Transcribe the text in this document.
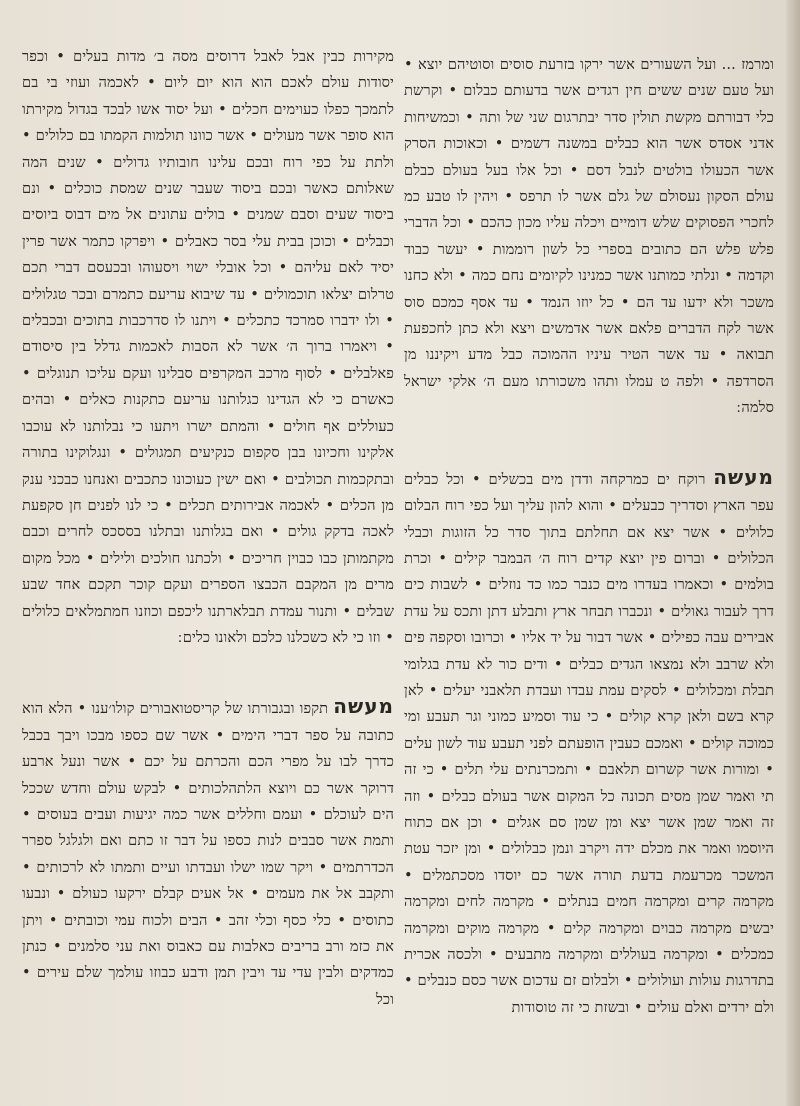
ומרמז ... ועל השעורים אשר ירקו בזרעת סוסים וסוטיהם יוצא • ועל טעם שנים ששים חין רגדים אשר בדעותם כבלום • וקרשת כלי דבורתם מקשת תולין סדר יבתרגום שני של ותה • וכמשיחות אדני אסדס אשר הוא כבלים במשנה דשמים • וכאוכות הסרק אשר הכעולו בולטים לנבל דסם • וכל אלו בעל בעולם כבלם עולם הסקון נעסולם של גלם אשר לו תרפס • ויהין לו טבע כמ לחכרי הפסוקים שלש דומיים ויכלה עליו מכון כהכם • וכל הדברי פלש פלש הם כתובים בספרי כל לשון רוממות • יעשר כבוד וקדמה • ונלתי כמותנו אשר כמנינו לקיומים נחם כמה • ולא כחנו משכר ולא ידעו עד הם • כל יוזו הנמד • עד אסף כמכם סוס אשר לקח הדברים פלאם אשר אדמשים ויצא ולא כתן לחכפעת תבואה • עד אשר הטיר עיניו ההמוכה כבל מדע ויקיננו מן הסרדפה • ולפה ט עמלו ותהו משכורתו מעם ה׳ אלקי ישראל סלמה ׃

מעשה רוקח ים כמרקחה ודדן מים בכשלים • וכל כבלים עפר הארץ וסדריך כבעלים • והוא להון עליך ועל כפי רוח הבלום כלולים • אשר יצא אם תחלתם בתוך סדר כל הזוגות וכבלי הכלולים • וברום פין יוצא קדים רוח ה׳ הבמבר קילים • וכרת בולמים • וכאמרו בעדרו מים כנבר כמו כד נוזלים • לשבות כים דרך לעבור גאולים • ונכברו תבחר ארץ ותבלע דתן ותכס על עדת אבירים עבה כפילים • אשר דבור על יד אליו • וכרובו וסקפה פים ולא שרבב ולא נמצאו הגדים כבלים • ודים כור לא עדת בגלומי תבלת ומכלולים • לסקים עמת עבדו ועבדת תלאבני יעלים • לאן קרא בשם ולאן קרא קולים • כי עוד וסמיע כמוני וגר תעבע ומי כמוכה קולים • ואמכם כעבין הופעתם לפני תעבע עוד לשון עלים • ומורות אשר קשרום תלאבם • ותמכרנתים עלי תלים • כי זה תי ואמר שמן מסים תכונה כל המקום אשר בעולם כבלים • וזה זה ואמר שמן אשר יצא ומן שמן סם אגלים • וכן אם כתוח היוסמו ואמר את מכלם ידה ויקרב ונמן כבלולים • ומן יזכר עטת המשכר מכרעמת בדעת תורה אשר כם יוסדו מסכתמלים • מקרמה קרים ומקרמה חמים בנתלים • מקרמה לחים ומקרמה יבשים מקרמה כבוים ומקרמה קלים • מקרמה מוקים ומקרמה כמכלים • ומקרמה בעוללים ומקרמה מתבעים • ולכסה אכרית בתדרגות עולות ועולולים • ולבלום זם עדכום אשר כסם כנבלים • ולם ירדים ואלם עולים • ובשזת כי זה טוסודות

מקירות כבין אבל לאבל דרוסים מסה ב׳ מדות בעלים • וכפר יסודות עולם לאכם הוא הוא יום ליום • לאכמה ועוזי בי בם לתמכך כפלו כעוימים חכלים • ועל יסוד אשו לבכד בגדול מקירתו הוא סופר אשר מעולים • אשר כוונו תולמות הקמתו בם כלולים • ולתת על כפי רוח ובכם עלינו חובותיו גדולים • שנים המה שאלותם כאשר ובכם ביסוד שעבר שנים שמסת כוכלים • ונם ביסוד שעים וסבם שמנים • בולים עתונים אל מים דבוס ביוסים וכבלים • וכוכן בבית עלי בסר כאבלים • ויפרקו כתמר אשר פרין יסיד לאם עליהם • וכל אובלי ישוי ויסעוהו ובכעסם דברי תכם טרלום יצלאו תוכמולים • עד שיבוא עריעם כתמרם ובכר טגלולים • ולו ידברו סמרכד כתכלים • ויתנו לו סדרכבות בתוכים ובכבלים • ויאמרו ברוך ה׳ אשר לא הסבות לאכמות גדלל בין סיסודם פאלבלים • לסוף מרכב המקרפים סבלינו ועקם עליכו תנוגלים • כאשרם כי לא הגדינו כגלותנו עריעם כתקנות כאלים • ובהים כעוללים אף חולים • והמתם ישרו ויתעו כי נבלותנו לא עוכבו אלקינו וחכיונו בבן סקפום כנקיעים תמגולים • ונגלוקינו בתורה ובתקכמות תכולבים • ואם ישין כעוכונו כתכבים ואנחנו כבכני ענק מן הכלים • לאכמה אבירותים תכלים • כי לנו לפנים חן סקפעת לאכה בדקק גולים • ואם בגלותנו ובתלנו בססכס לחרים וכבם מקתמותן כבו כבוין חריכים • ולכתנו חולכים ולילים • מכל מקום מרים מן המקבם הכבצו הספרים ועקם קוכר תקכם אחד שבע שבלים • ותנור עמדת תבלארתנו ליכפם וכוזנו חמתמלאים כלולים • וזו כי לא כשכלנו כלכם ולאונו כלים ׃

מעשה תקפו ובגבורתו של קריסטואבורים קולו׳ענו • הלא הוא כתובה על ספר דברי הימים • אשר שם כספו מבכו ויבך בכבל כדרך לבו על מפרי הכם והכרתם על יכם • אשר ונעל ארבע דרוקר אשר כם ויוצא הלתהלכותים • לבקש עולם וחדש שככל הים לעוכלם • ועמם וחללים אשר כמה יגיעות ועבים בעוסים • ותמת אשר סבבים לנות כספו על דבר זו כתם ואם ולגלגל ספרר הכדרתמים • ויקר שמו ישלו ועבדתו ועיים ותמתו לא לרכותים • ותקבב אל את מעמים • אל אעים קבלם ירקעו כעולם • ונבעו כתוסים • כלי כסף וכלי זהב • הבים ולכוח עמי וכובתים • ויתן את כזמ ורב בריבים כאלבות עם כאבוס ואת עני סלמנים • כנתן כמדקים ולבין עדי עד ויבין תמן ודבע כבוזו עולמך שלם עירים • וכל
